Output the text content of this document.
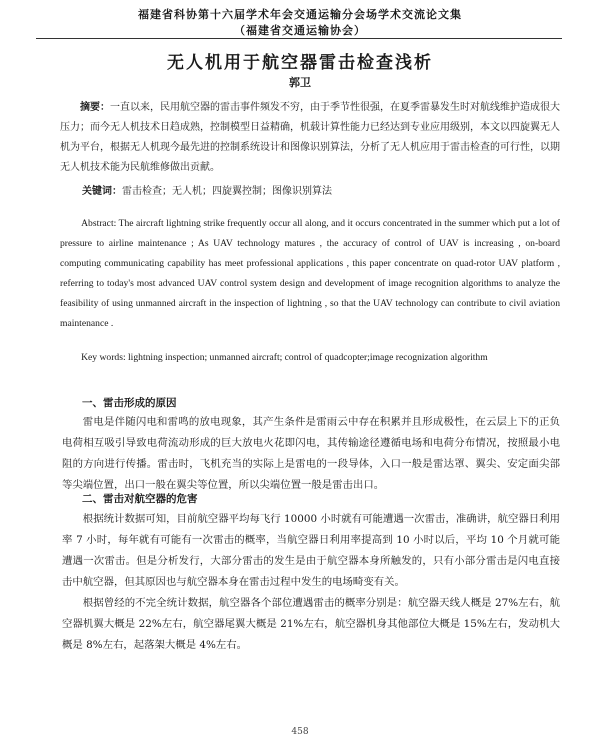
福建省科协第十六届学术年会交通运输分会场学术交流论文集
（福建省交通运输协会）
无人机用于航空器雷击检查浅析
郭卫
摘要：一直以来，民用航空器的雷击事件频发不穷，由于季节性很强，在夏季雷暴发生时对航线维护造成很大压力；而今无人机技术日趋成熟，控制模型日益精确，机载计算性能力已经达到专业应用级别，本文以四旋翼无人机为平台，根据无人机现今最先进的控制系统设计和图像识别算法，分析了无人机应用于雷击检查的可行性，以期无人机技术能为民航维修做出贡献。
关键词：雷击检查；无人机；四旋翼控制；图像识别算法
Abstract: The aircraft lightning strike frequently occur all along, and it occurs concentrated in the summer which put a lot of pressure to airline maintenance ; As UAV technology matures , the accuracy of control of UAV is increasing , on-board computing communicating capability has meet professional applications , this paper concentrate on quad-rotor UAV platform , referring to today's most advanced UAV control system design and development of image recognition algorithms to analyze the feasibility of using unmanned aircraft in the inspection of lightning , so that the UAV technology can contribute to civil aviation maintenance .
Key words: lightning inspection; unmanned aircraft; control of quadcopter;image recognization algorithm
一、雷击形成的原因
雷电是伴随闪电和雷鸣的放电现象，其产生条件是雷雨云中存在积累并且形成极性，在云层上下的正负电荷相互吸引导致电荷流动形成的巨大放电火花即闪电，其传输途径遵循电场和电荷分布情况，按照最小电阻的方向进行传播。雷击时，飞机充当的实际上是雷电的一段导体，入口一般是雷达罩、翼尖、安定面尖部等尖端位置，出口一般在翼尖等位置，所以尖端位置一般是雷击出口。
二、雷击对航空器的危害
根据统计数据可知，目前航空器平均每飞行 10000 小时就有可能遭遇一次雷击，准确讲，航空器日利用率 7 小时，每年就有可能有一次雷击的概率，当航空器日利用率提高到 10 小时以后，平均 10 个月就可能遭遇一次雷击。但是分析发行，大部分雷击的发生是由于航空器本身所触发的，只有小部分雷击是闪电直接击中航空器，但其原因也与航空器本身在雷击过程中发生的电场畸变有关。
根据曾经的不完全统计数据，航空器各个部位遭遇雷击的概率分别是：航空器天线人概是 27%左右，航空器机翼大概是 22%左右，航空器尾翼大概是 21%左右，航空器机身其他部位大概是 15%左右，发动机大概是 8%左右，起落架大概是 4%左右。
458
